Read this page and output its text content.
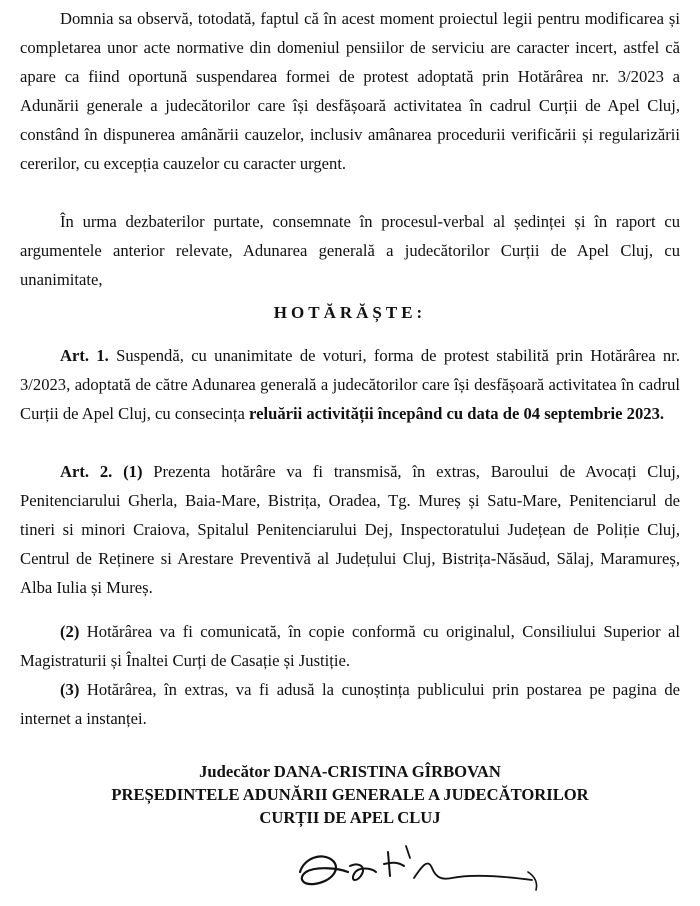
Domnia sa observă, totodată, faptul că în acest moment proiectul legii pentru modificarea și completarea unor acte normative din domeniul pensiilor de serviciu are caracter incert, astfel că apare ca fiind oportună suspendarea formei de protest adoptată prin Hotărârea nr. 3/2023 a Adunării generale a judecătorilor care își desfășoară activitatea în cadrul Curții de Apel Cluj, constând în dispunerea amânării cauzelor, inclusiv amânarea procedurii verificării și regularizării cererilor, cu excepția cauzelor cu caracter urgent.

În urma dezbaterilor purtate, consemnate în procesul-verbal al ședinței și în raport cu argumentele anterior relevate, Adunarea generală a judecătorilor Curții de Apel Cluj, cu unanimitate,

HOTĂRĂȘTE:

Art. 1. Suspendă, cu unanimitate de voturi, forma de protest stabilită prin Hotărârea nr. 3/2023, adoptată de către Adunarea generală a judecătorilor care își desfășoară activitatea în cadrul Curții de Apel Cluj, cu consecința reluării activității începând cu data de 04 septembrie 2023.

Art. 2. (1) Prezenta hotărâre va fi transmisă, în extras, Baroului de Avocați Cluj, Penitenciarului Gherla, Baia-Mare, Bistrița, Oradea, Tg. Mureș și Satu-Mare, Penitenciarul de tineri si minori Craiova, Spitalul Penitenciarului Dej, Inspectoratului Județean de Poliție Cluj, Centrul de Reținere si Arestare Preventivă al Județului Cluj, Bistrița-Năsăud, Sălaj, Maramureș, Alba Iulia și Mureș.

(2) Hotărârea va fi comunicată, în copie conformă cu originalul, Consiliului Superior al Magistraturii și Înaltei Curți de Casație și Justiție.

(3) Hotărârea, în extras, va fi adusă la cunoștința publicului prin postarea pe pagina de internet a instanței.

Judecător DANA-CRISTINA GÎRBOVAN
PREȘEDINTELE ADUNĂRII GENERALE A JUDECĂTORILOR
CURȚII DE APEL CLUJ
